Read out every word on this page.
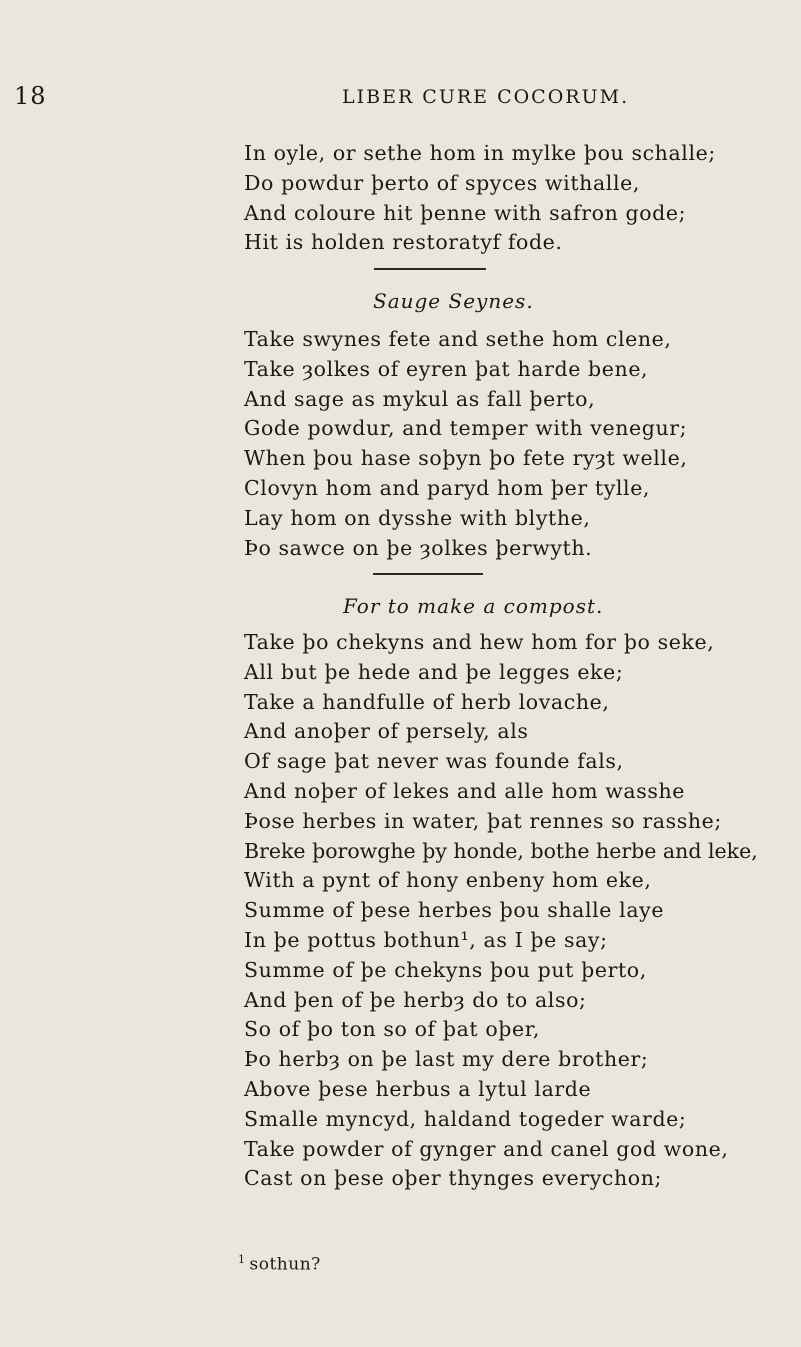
18	LIBER CURE COCORUM.
In oyle, or sethe hom in mylke þou schalle;
Do powdur þerto of spyces withalle,
And coloure hit þenne with safron gode;
Hit is holden restoratyf fode.
Sauge Seynes.
Take swynes fete and sethe hom clene,
Take ȝolkes of eyren þat harde bene,
And sage as mykul as fall þerto,
Gode powdur, and temper with venegur;
When þou hase soþyn þo fete ryȝt welle,
Clovyn hom and paryd hom þer tylle,
Lay hom on dysshe with blythe,
Þo sawce on þe ȝolkes þerwyth.
For to make a compost.
Take þo chekyns and hew hom for þo seke,
All but þe hede and þe legges eke;
Take a handfulle of herb lovache,
And anoþer of persely, als
Of sage þat never was founde fals,
And noþer of lekes and alle hom wasshe
Þose herbes in water, þat rennes so rasshe;
Breke þorowghe þy honde, bothe herbe and leke,
With a pynt of hony enbeny hom eke,
Summe of þese herbes þou shalle laye
In þe pottus bothun¹, as I þe say;
Summe of þe chekyns þou put þerto,
And þen of þe herbȝ do to also;
So of þo ton so of þat oþer,
Þo herbȝ on þe last my dere brother;
Above þese herbus a lytul larde
Smalle myncyd, haldand togeder warde;
Take powder of gynger and canel god wone,
Cast on þese oþer thynges everychon;
$^1$ sothun?
